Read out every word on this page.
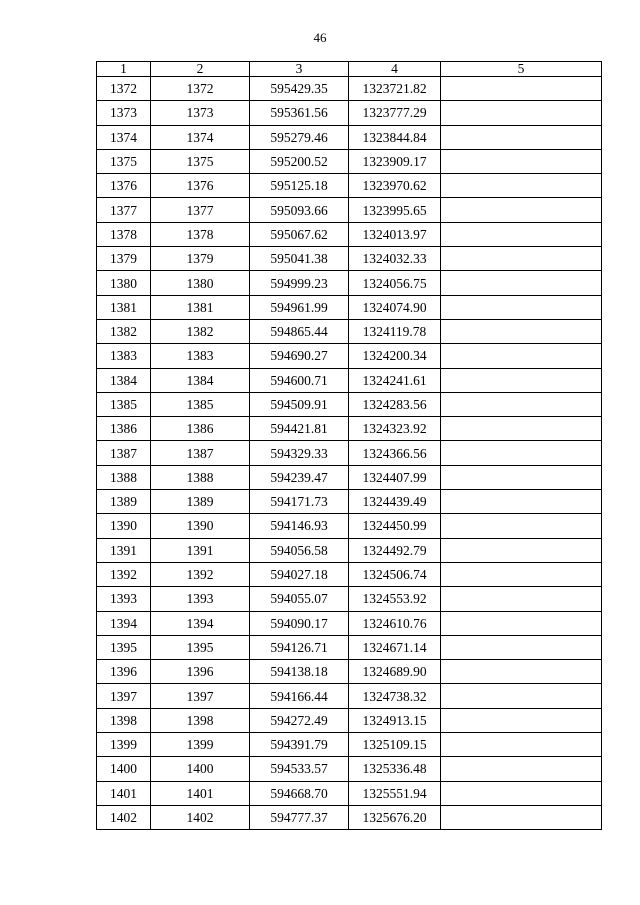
46
1	2	3	4	5
1372	1372	595429.35	1323721.82	
1373	1373	595361.56	1323777.29	
1374	1374	595279.46	1323844.84	
1375	1375	595200.52	1323909.17	
1376	1376	595125.18	1323970.62	
1377	1377	595093.66	1323995.65	
1378	1378	595067.62	1324013.97	
1379	1379	595041.38	1324032.33	
1380	1380	594999.23	1324056.75	
1381	1381	594961.99	1324074.90	
1382	1382	594865.44	1324119.78	
1383	1383	594690.27	1324200.34	
1384	1384	594600.71	1324241.61	
1385	1385	594509.91	1324283.56	
1386	1386	594421.81	1324323.92	
1387	1387	594329.33	1324366.56	
1388	1388	594239.47	1324407.99	
1389	1389	594171.73	1324439.49	
1390	1390	594146.93	1324450.99	
1391	1391	594056.58	1324492.79	
1392	1392	594027.18	1324506.74	
1393	1393	594055.07	1324553.92	
1394	1394	594090.17	1324610.76	
1395	1395	594126.71	1324671.14	
1396	1396	594138.18	1324689.90	
1397	1397	594166.44	1324738.32	
1398	1398	594272.49	1324913.15	
1399	1399	594391.79	1325109.15	
1400	1400	594533.57	1325336.48	
1401	1401	594668.70	1325551.94	
1402	1402	594777.37	1325676.20	
